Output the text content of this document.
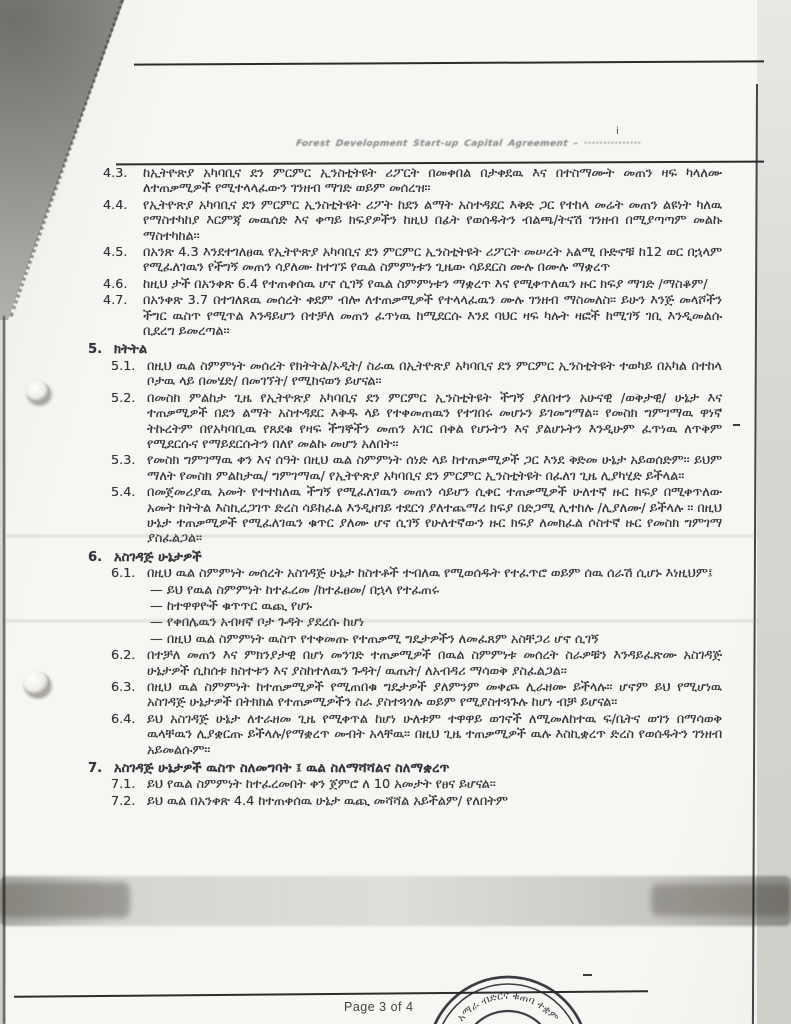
Forest Development Start-up Capital Agreement – ···············
i
4.3.	ከኢትዮጽያ አካባቢና ደን ምርምር ኢንስቲትዩት ሪፖርት በመቀበል በታቀደዉ እና በተስማሙት መጠን ዛፍ ካላለሙ ለተጠቃሚዎች የሚተላላፈውን ገንዘብ ማገድ ወይም መሰረዝ።
4.4.	የኢትዮጽያ አካባቢና ደን ምርምር ኢንስቲትዩት ሪፖት ከደን ልማት አስተዳደር እቅድ ጋር የተከላ መሬት መጠን ልዩነት ካለዉ የማስተካከያ እርምጃ መዉሰድ እና ቀጣይ ክፍያዎችን ከዚህ በፊት የወሰዱትን ብልጫ/ትናሽ ገንዘብ በሚያጣጣም መልኩ ማስተካከል።
4.5.	በአንጽ 4.3 እንደተገለፀዉ የኢትዮጽያ አካባቢና ደን ምርምር ኢንስቲትዩት ሪፖርት መሠረት አልሚ ቡድኖቹ ከ12 ወር በኋላም የሚፈለገዉን የችግኝ መጠን ሳያለሙ ከተገኙ የዉል ስምምነቱን ጊዜው ሳይደርስ ሙሉ በሙሉ ማቋረጥ
4.6.	ከዚህ ታች በአንቀጽ 6.4 የተጠቀሰዉ ሆኖ ሲገኝ የዉል ስምምነቱን ማቋረጥ እና የሚቀጥለዉን ዙር ክፍያ ማገድ /ማስቆም/
4.7.	በአንቀጽ 3.7 በተገለጸዉ መሰረት ቀደም ብሎ ለተጠቃሚዎች የተላላፈዉን ሙሉ ገንዘብ ማስመለስ። ይሁን እንጅ መላሾችን ችግር ዉስጥ የሚጥል እንዳይሆን በተቻለ መጠን ፈጥነዉ ከሚደርሱ እንደ ባህር ዛፍ ካሉት ዛፎች ከሚገኝ ገቢ እንዲመልሱ ቢደረግ ይመረጣል።
5. ክትትል
5.1. በዚህ ዉል ስምምነት መሰረት የክትትል/ኦዲት/ ስራዉ በኢትዮጽያ አካባቢና ደን ምርምር ኢንስቲትዩት ተወካይ በአካል በተከላ ቦታዉ ላይ በመሄድ/ በመገኘት/ የሚከናወን ይሆናል።
5.2. በመስክ ምልከታ ጊዜ የኢትዮጽያ አካባቢና ደን ምርምር ኢንስቲትዩት ችግኝ ያለበተን አሁናዊ /ወቅታዊ/ ሁኔታ እና ተጠቃሚዎች በደን ልማት አስተዳደር እቅዱ ላይ የተቀመጠዉን የተገበሩ መሆኑን ይገመግማል። የመስክ ግምገማዉ ዋነኛ ትኩረትም በየአካባቢዉ የጸደቁ የዛፍ ችግኞችን መጠን አገር በቀል የሆኑትን እና ያልሆኑትን እንዲሁም ፈጥነዉ ለጥቅም የሚደርሱና የማይደርሱትን በለየ መልኩ መሆን አለበት።
5.3. የመስክ ግምገማዉ ቀን እና ሰዓት በዚህ ዉል ስምምነት ሰነድ ላይ ከተጠቃሚዎች ጋር እንደ ቅድመ ሁኔታ አይወሰድም። ይህም ማለት የመስክ ምልከታዉ/ ግምገማዉ/ የኢትዮጽያ አካባቢና ደን ምርምር ኢንስቲትዩት በፈለገ ጊዜ ሊያካሂድ ይችላል።
5.4. በመጀመሪያዉ አመት የተተከለዉ ችግኝ የሚፈለገዉን መጠን ሳይሆን ሲቀር ተጠቃሚዎች ሁለተኛ ዙር ክፍያ በሚቀጥለው አመት ክትትል እስኪረጋገጥ ድረስ ሳይከፈል እንዲዘገይ ተደርጎ ያለተጨማሪ ክፍያ በድጋሚ ሊተከሉ /ሊያለሙ/ ይችላሉ ። በዚህ ሁኔታ ተጠቃሚዎች የሚፈለገዉን ቁጥር ያለሙ ሆኖ ሲገኝ የሁለተኛውን ዙር ክፍያ ለመክፈል ሶስተኛ ዙር የመስክ ግምገማ ያስፈልጋል።
6. አስገዳጅ ሁኔታዎች
6.1. በዚህ ዉል ስምምነት መሰረት አስገዳጅ ሁኔታ ከስተቶች ተብለዉ የሚወሰዱት የተፈጥሮ ወይም ሰዉ ሰራሽ ሲሆኑ እነዚህም፤
— ይህ የዉል ስምምነት ከተፈረመ /ከተፈፀመ/ በኋላ የተፈጠሩ
— ከተዋዋዮች ቁጥጥር ዉጪ የሆኑ
— የቀበሌዉን አብዛኛ ቦታ ጉዳት ያደረሱ ከሆነ
— በዚህ ዉል ስምምነት ዉስጥ የተቀመጡ የተጠቃሚ ግዴታዎችን ለመፈጸም አስቸጋሪ ሆኖ ሲገኝ
6.2. በተቻለ መጠን እና ምክንያታዊ በሆነ መንገድ ተጠቃሚዎች በዉል ስምምነቱ መሰረት ስራዎቹን እንዳይፈጽሙ አስገዳጅ ሁኔታዎች ሲከሰቱ ክስተቱን እና ያስከተለዉን ጉዳት/ ዉጤት/ ለአብዳሪ ማሳወቅ ያስፈልጋል።
6.3. በዚህ ዉል ስምምነት ከተጠቃሚዎች የሚጠበቁ ግዴታዎች ያለምንም መቀጮ ሊራዘሙ ይችላሉ። ሆኖም ይህ የሚሆነዉ አስገዳጅ ሁኔታዎች በትክክል የተጠቃሚዎችን ስራ ያስተጓጎሉ ወይም የሚያስተጓጉሉ ከሆነ ብቻ ይሆናል።
6.4. ይህ አስገዳጅ ሁኔታ ለተራዘመ ጊዜ የሚቀጥል ከሆነ ሁለቱም ተዋዋይ ወገኖች ለሚመለከተዉ ፍ/ቤትና ወገን በማሳወቅ ዉላቸዉን ሊያቋርጡ ይችላሉ/የማቋረጥ መብት አላቸዉ። በዚህ ጊዜ ተጠቃሚዎች ዉሉ እስኪቋረጥ ድረስ የወሰዱትን ገንዘብ አይመልሱም።
7. አስገዳጅ ሁኔታዎች ዉስጥ ስለመግባት ፤ ዉል ስለማሻሻልና ስለማቋረጥ
7.1. ይህ የዉል ስምምነት ከተፈረመበት ቀን ጀምሮ ለ 10 አመታት የፀና ይሆናል።
7.2. ይህ ዉል በአንቀጽ 4.4 ከተጠቀሰዉ ሁኔታ ዉጪ መሻሻል አይችልም/ የለበትም
Page 3 of 4
አማራ ብድርና ቁጠባ ተቋም
